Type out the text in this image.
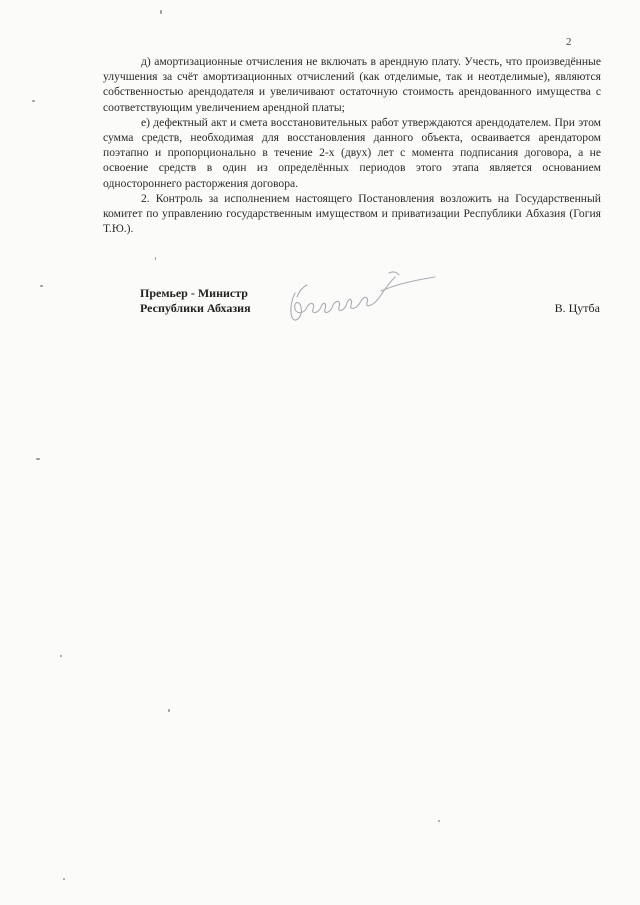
2

д) амортизационные отчисления не включать в арендную плату. Учесть, что произведённые улучшения за счёт амортизационных отчислений (как отделимые, так и неотделимые), являются собственностью арендодателя и увеличивают остаточную стоимость арендованного имущества с соответствующим увеличением арендной платы;

е) дефектный акт и смета восстановительных работ утверждаются арендодателем. При этом сумма средств, необходимая для восстановления данного объекта, осваивается арендатором поэтапно и пропорционально в течение 2-х (двух) лет с момента подписания договора, а не освоение средств в один из определённых периодов этого этапа является основанием одностороннего расторжения договора.

2. Контроль за исполнением настоящего Постановления возложить на Государственный комитет по управлению государственным имуществом и приватизации Республики Абхазия (Гогия Т.Ю.).

Премьер - Министр
Республики Абхазия	В. Цутба
